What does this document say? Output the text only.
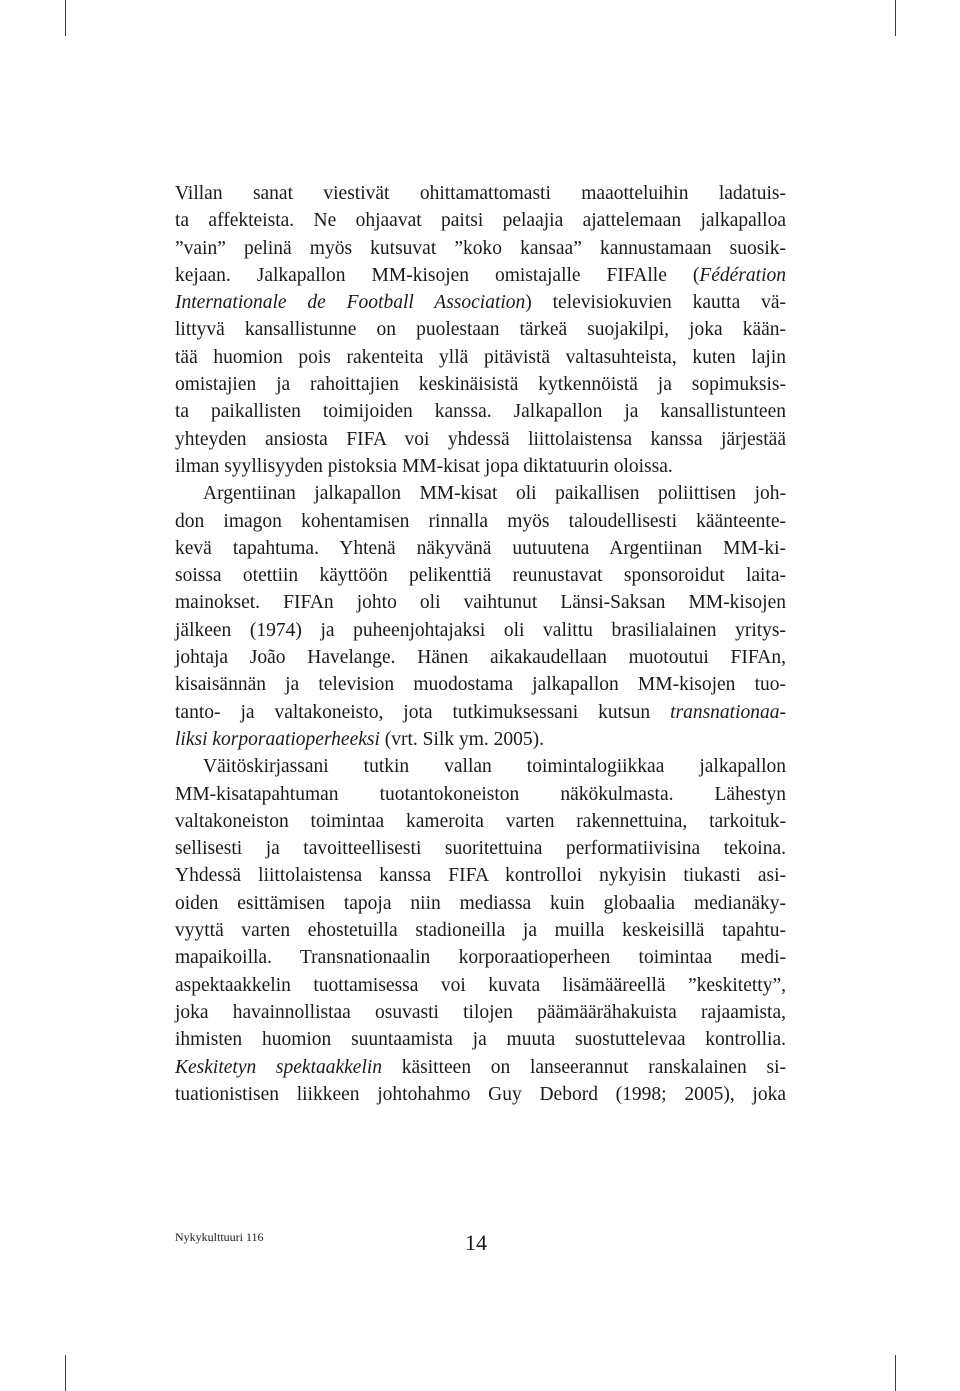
Villan sanat viestivät ohittamattomasti maaotteluihin ladatuis-
ta affekteista. Ne ohjaavat paitsi pelaajia ajattelemaan jalkapalloa
”vain” pelinä myös kutsuvat ”koko kansaa” kannustamaan suosik-
kejaan. Jalkapallon MM-kisojen omistajalle FIFAlle (Fédération
Internationale de Football Association) televisiokuvien kautta vä-
littyvä kansallistunne on puolestaan tärkeä suojakilpi, joka kään-
tää huomion pois rakenteita yllä pitävistä valtasuhteista, kuten lajin
omistajien ja rahoittajien keskinäisistä kytkennöistä ja sopimuksis-
ta paikallisten toimijoiden kanssa. Jalkapallon ja kansallistunteen
yhteyden ansiosta FIFA voi yhdessä liittolaistensa kanssa järjestää
ilman syyllisyyden pistoksia MM-kisat jopa diktatuurin oloissa.
Argentiinan jalkapallon MM-kisat oli paikallisen poliittisen joh-
don imagon kohentamisen rinnalla myös taloudellisesti käänteente-
kevä tapahtuma. Yhtenä näkyvänä uutuutena Argentiinan MM-ki-
soissa otettiin käyttöön pelikenttiä reunustavat sponsoroidut laita-
mainokset. FIFAn johto oli vaihtunut Länsi-Saksan MM-kisojen
jälkeen (1974) ja puheenjohtajaksi oli valittu brasilialainen yritys-
johtaja João Havelange. Hänen aikakaudellaan muotoutui FIFAn,
kisaisännän ja television muodostama jalkapallon MM-kisojen tuo-
tanto- ja valtakoneisto, jota tutkimuksessani kutsun transnationaa-
liksi korporaatioperheeksi (vrt. Silk ym. 2005).
Väitöskirjassani tutkin vallan toimintalogiikkaa jalkapallon
MM-kisatapahtuman tuotantokoneiston näkökulmasta. Lähestyn
valtakoneiston toimintaa kameroita varten rakennettuina, tarkoituk-
sellisesti ja tavoitteellisesti suoritettuina performatiivisina tekoina.
Yhdessä liittolaistensa kanssa FIFA kontrolloi nykyisin tiukasti asi-
oiden esittämisen tapoja niin mediassa kuin globaalia medianäky-
vyyttä varten ehostetuilla stadioneilla ja muilla keskeisillä tapahtu-
mapaikoilla. Transnationaalin korporaatioperheen toimintaa medi-
aspektaakkelin tuottamisessa voi kuvata lisämääreellä ”keskitetty”,
joka havainnollistaa osuvasti tilojen päämäärähakuista rajaamista,
ihmisten huomion suuntaamista ja muuta suostuttelevaa kontrollia.
Keskitetyn spektaakkelin käsitteen on lanseerannut ranskalainen si-
tuationistisen liikkeen johtohahmo Guy Debord (1998; 2005), joka
Nykykulttuuri 116	14
